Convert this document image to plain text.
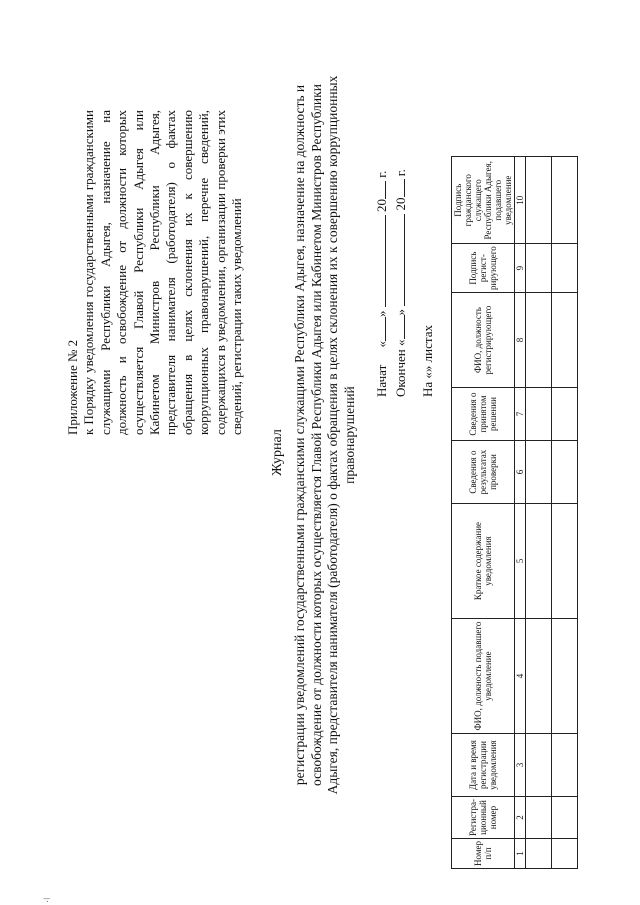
·/
Приложение № 2 к Порядку уведомления государственными гражданскими служащими Республики Адыгея, назначение на должность и освобождение от должности которых осуществляется Главой Республики Адыгея или Кабинетом Министров Республики Адыгея, представителя нанимателя (работодателя) о фактах обращения в целях склонения их к совершению коррупционных правонарушений, перечне сведений, содержащихся в уведомлении, организации проверки этих сведений, регистрации таких уведомлений
Журнал регистрации уведомлений государственными гражданскими служащими Республики Адыгея, назначение на должность и освобождение от должности которых осуществляется Главой Республики Адыгея или Кабинетом Министров Республики Адыгея, представителя нанимателя (работодателя) о фактах обращения в целях склонения их к совершению коррупционных правонарушений
Начат «»  20 г.
Окончен «»  20 г.
На «» листах
Номер п/п	Регистра-ционный номер	Дата и время регистрации уведомления	ФИО, должность подавшего уведомление	Краткое содержание уведомления	Сведения о результатах проверки	Сведения о принятом решении	ФИО, должность регистрирующего	Подпись регист-рирующего	Подпись гражданского служащего Республики Адыгея, подавшего уведомление
1	2	3	4	5	6	7	8	9	10
